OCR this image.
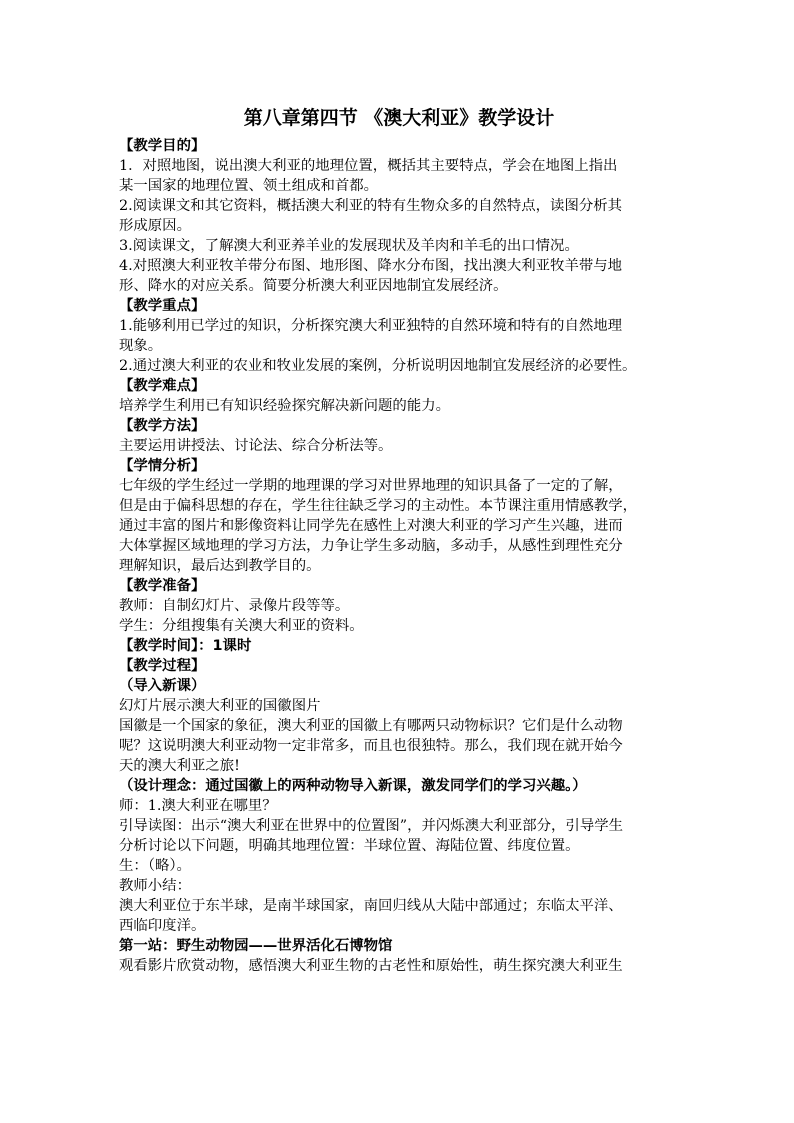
第八章第四节 《澳大利亚》教学设计

【教学目的】

1．对照地图，说出澳大利亚的地理位置，概括其主要特点，学会在地图上指出

某一国家的地理位置、领土组成和首都。

2.阅读课文和其它资料，概括澳大利亚的特有生物众多的自然特点，读图分析其

形成原因。

3.阅读课文，了解澳大利亚养羊业的发展现状及羊肉和羊毛的出口情况。

4.对照澳大利亚牧羊带分布图、地形图、降水分布图，找出澳大利亚牧羊带与地

形、降水的对应关系。简要分析澳大利亚因地制宜发展经济。

【教学重点】

1.能够利用已学过的知识，分析探究澳大利亚独特的自然环境和特有的自然地理

现象。

2.通过澳大利亚的农业和牧业发展的案例，分析说明因地制宜发展经济的必要性。

【教学难点】

培养学生利用已有知识经验探究解决新问题的能力。

【教学方法】

主要运用讲授法、讨论法、综合分析法等。

【学情分析】

七年级的学生经过一学期的地理课的学习对世界地理的知识具备了一定的了解，

但是由于偏科思想的存在，学生往往缺乏学习的主动性。本节课注重用情感教学，

通过丰富的图片和影像资料让同学先在感性上对澳大利亚的学习产生兴趣，进而

大体掌握区域地理的学习方法，力争让学生多动脑，多动手，从感性到理性充分

理解知识，最后达到教学目的。

【教学准备】

教师：自制幻灯片、录像片段等等。

学生：分组搜集有关澳大利亚的资料。

【教学时间】：1课时

【教学过程】

（导入新课）

幻灯片展示澳大利亚的国徽图片

国徽是一个国家的象征，澳大利亚的国徽上有哪两只动物标识？它们是什么动物

呢？这说明澳大利亚动物一定非常多，而且也很独特。那么，我们现在就开始今

天的澳大利亚之旅!

（设计理念：通过国徽上的两种动物导入新课，激发同学们的学习兴趣。）

师：1.澳大利亚在哪里？

引导读图：出示“澳大利亚在世界中的位置图”，并闪烁澳大利亚部分，引导学生

分析讨论以下问题，明确其地理位置：半球位置、海陆位置、纬度位置。

生：（略）。

教师小结：

澳大利亚位于东半球，是南半球国家，南回归线从大陆中部通过；东临太平洋、

西临印度洋。

第一站：野生动物园——世界活化石博物馆

观看影片欣赏动物，感悟澳大利亚生物的古老性和原始性，萌生探究澳大利亚生
